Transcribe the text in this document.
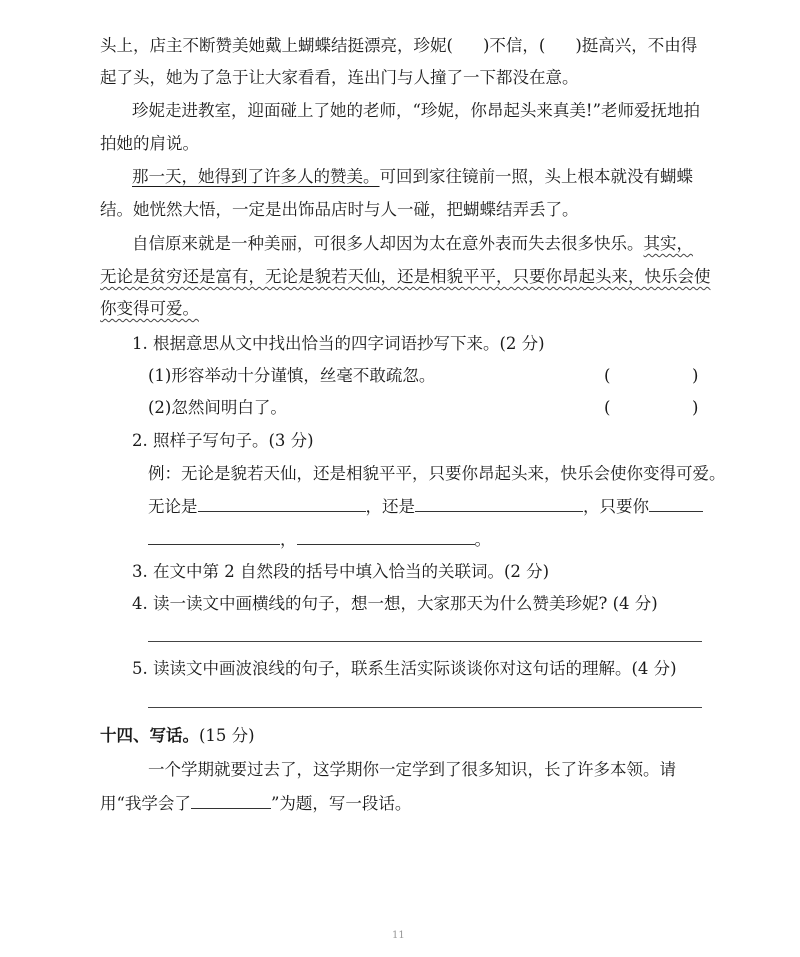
头上，店主不断赞美她戴上蝴蝶结挺漂亮，珍妮( )不信，( )挺高兴，不由得
起了头，她为了急于让大家看看，连出门与人撞了一下都没在意。
珍妮走进教室，迎面碰上了她的老师，“珍妮，你昂起头来真美!”老师爱抚地拍
拍她的肩说。
那一天，她得到了许多人的赞美。可回到家往镜前一照，头上根本就没有蝴蝶
结。她恍然大悟，一定是出饰品店时与人一碰，把蝴蝶结弄丢了。
自信原来就是一种美丽，可很多人却因为太在意外表而失去很多快乐。其实，
无论是贫穷还是富有，无论是貌若天仙，还是相貌平平，只要你昂起头来，快乐会使
你变得可爱。
1. 根据意思从文中找出恰当的四字词语抄写下来。(2 分)
(1)形容举动十分谨慎，丝毫不敢疏忽。	(	)
(2)忽然间明白了。	(	)
2. 照样子写句子。(3 分)
例：无论是貌若天仙，还是相貌平平，只要你昂起头来，快乐会使你变得可爱。
无论是	，还是	，只要你
，	。
3. 在文中第 2 自然段的括号中填入恰当的关联词。(2 分)
4. 读一读文中画横线的句子，想一想，大家那天为什么赞美珍妮? (4 分)
5. 读读文中画波浪线的句子，联系生活实际谈谈你对这句话的理解。(4 分)
十四、写话。(15 分)
一个学期就要过去了，这学期你一定学到了很多知识，长了许多本领。请
用“我学会了	”为题，写一段话。
11
